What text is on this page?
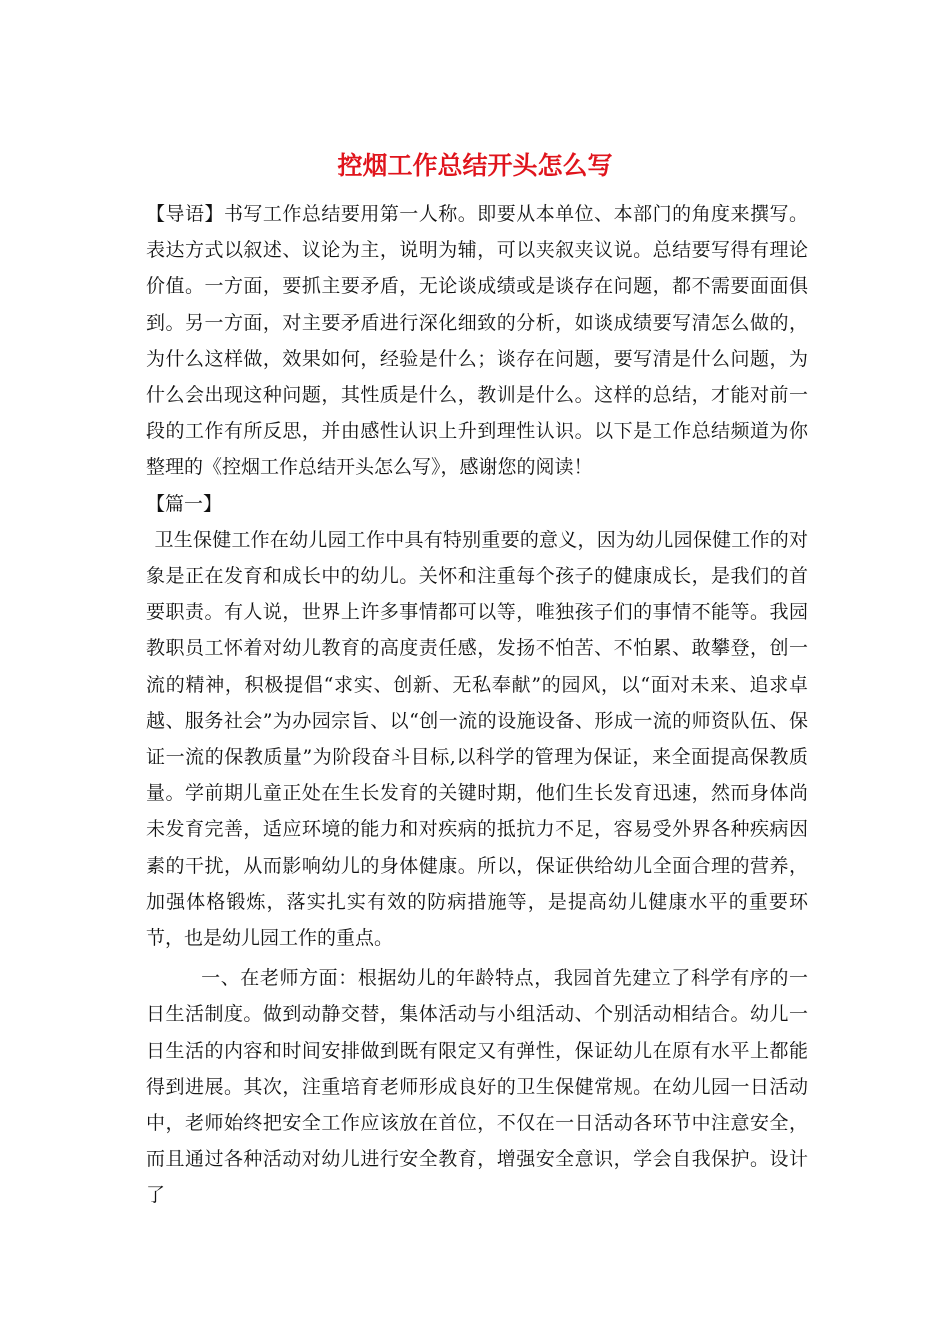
控烟工作总结开头怎么写

【导语】书写工作总结要用第一人称。即要从本单位、本部门的角度来撰写。表达方式以叙述、议论为主，说明为辅，可以夹叙夹议说。总结要写得有理论价值。一方面，要抓主要矛盾，无论谈成绩或是谈存在问题，都不需要面面俱到。另一方面，对主要矛盾进行深化细致的分析，如谈成绩要写清怎么做的，为什么这样做，效果如何，经验是什么；谈存在问题，要写清是什么问题，为什么会出现这种问题，其性质是什么，教训是什么。这样的总结，才能对前一段的工作有所反思，并由感性认识上升到理性认识。以下是工作总结频道为你整理的《控烟工作总结开头怎么写》，感谢您的阅读！

【篇一】

卫生保健工作在幼儿园工作中具有特别重要的意义，因为幼儿园保健工作的对象是正在发育和成长中的幼儿。关怀和注重每个孩子的健康成长，是我们的首要职责。有人说，世界上许多事情都可以等，唯独孩子们的事情不能等。我园教职员工怀着对幼儿教育的高度责任感，发扬不怕苦、不怕累、敢攀登，创一流的精神，积极提倡“求实、创新、无私奉献”的园风，以“面对未来、追求卓越、服务社会”为办园宗旨、以“创一流的设施设备、形成一流的师资队伍、保证一流的保教质量”为阶段奋斗目标,以科学的管理为保证，来全面提高保教质量。学前期儿童正处在生长发育的关键时期，他们生长发育迅速，然而身体尚未发育完善，适应环境的能力和对疾病的抵抗力不足，容易受外界各种疾病因素的干扰，从而影响幼儿的身体健康。所以，保证供给幼儿全面合理的营养，加强体格锻炼，落实扎实有效的防病措施等，是提高幼儿健康水平的重要环节，也是幼儿园工作的重点。

一、在老师方面：根据幼儿的年龄特点，我园首先建立了科学有序的一日生活制度。做到动静交替，集体活动与小组活动、个别活动相结合。幼儿一日生活的内容和时间安排做到既有限定又有弹性，保证幼儿在原有水平上都能得到进展。其次，注重培育老师形成良好的卫生保健常规。在幼儿园一日活动中，老师始终把安全工作应该放在首位，不仅在一日活动各环节中注意安全，而且通过各种活动对幼儿进行安全教育，增强安全意识，学会自我保护。设计了
